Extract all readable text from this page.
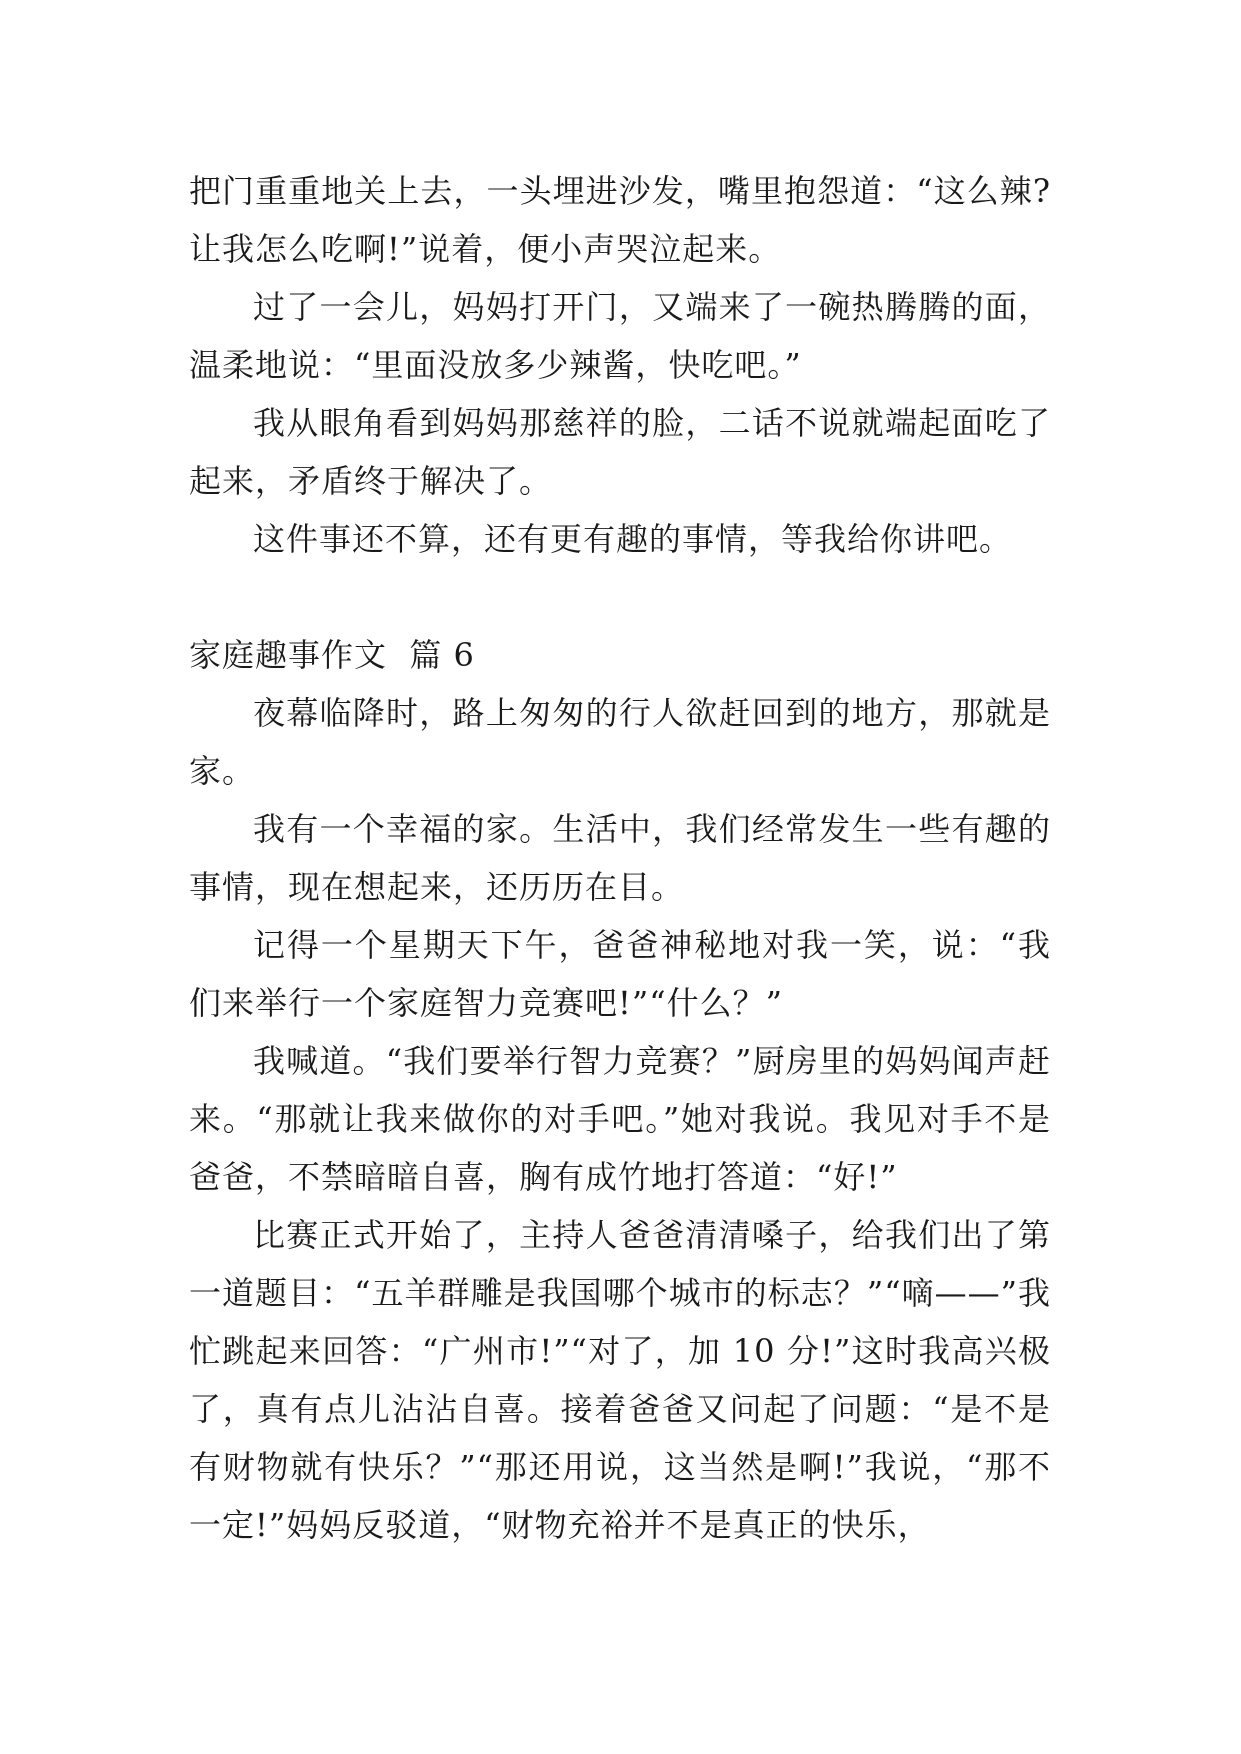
把门重重地关上去，一头埋进沙发，嘴里抱怨道：“这么辣?让我怎么吃啊!”说着，便小声哭泣起来。

过了一会儿，妈妈打开门，又端来了一碗热腾腾的面，温柔地说：“里面没放多少辣酱，快吃吧。”

我从眼角看到妈妈那慈祥的脸，二话不说就端起面吃了起来，矛盾终于解决了。

这件事还不算，还有更有趣的事情，等我给你讲吧。

家庭趣事作文  篇 6

夜幕临降时，路上匆匆的行人欲赶回到的地方，那就是家。

我有一个幸福的家。生活中，我们经常发生一些有趣的事情，现在想起来，还历历在目。

记得一个星期天下午，爸爸神秘地对我一笑，说：“我们来举行一个家庭智力竞赛吧!”“什么？”

我喊道。“我们要举行智力竞赛？”厨房里的妈妈闻声赶来。“那就让我来做你的对手吧。”她对我说。我见对手不是爸爸，不禁暗暗自喜，胸有成竹地打答道：“好!”

比赛正式开始了，主持人爸爸清清嗓子，给我们出了第一道题目：“五羊群雕是我国哪个城市的标志？”“嘀——”我忙跳起来回答：“广州市!”“对了，加 10 分!”这时我高兴极了，真有点儿沾沾自喜。接着爸爸又问起了问题：“是不是有财物就有快乐？”“那还用说，这当然是啊!”我说，“那不一定!”妈妈反驳道，“财物充裕并不是真正的快乐，
